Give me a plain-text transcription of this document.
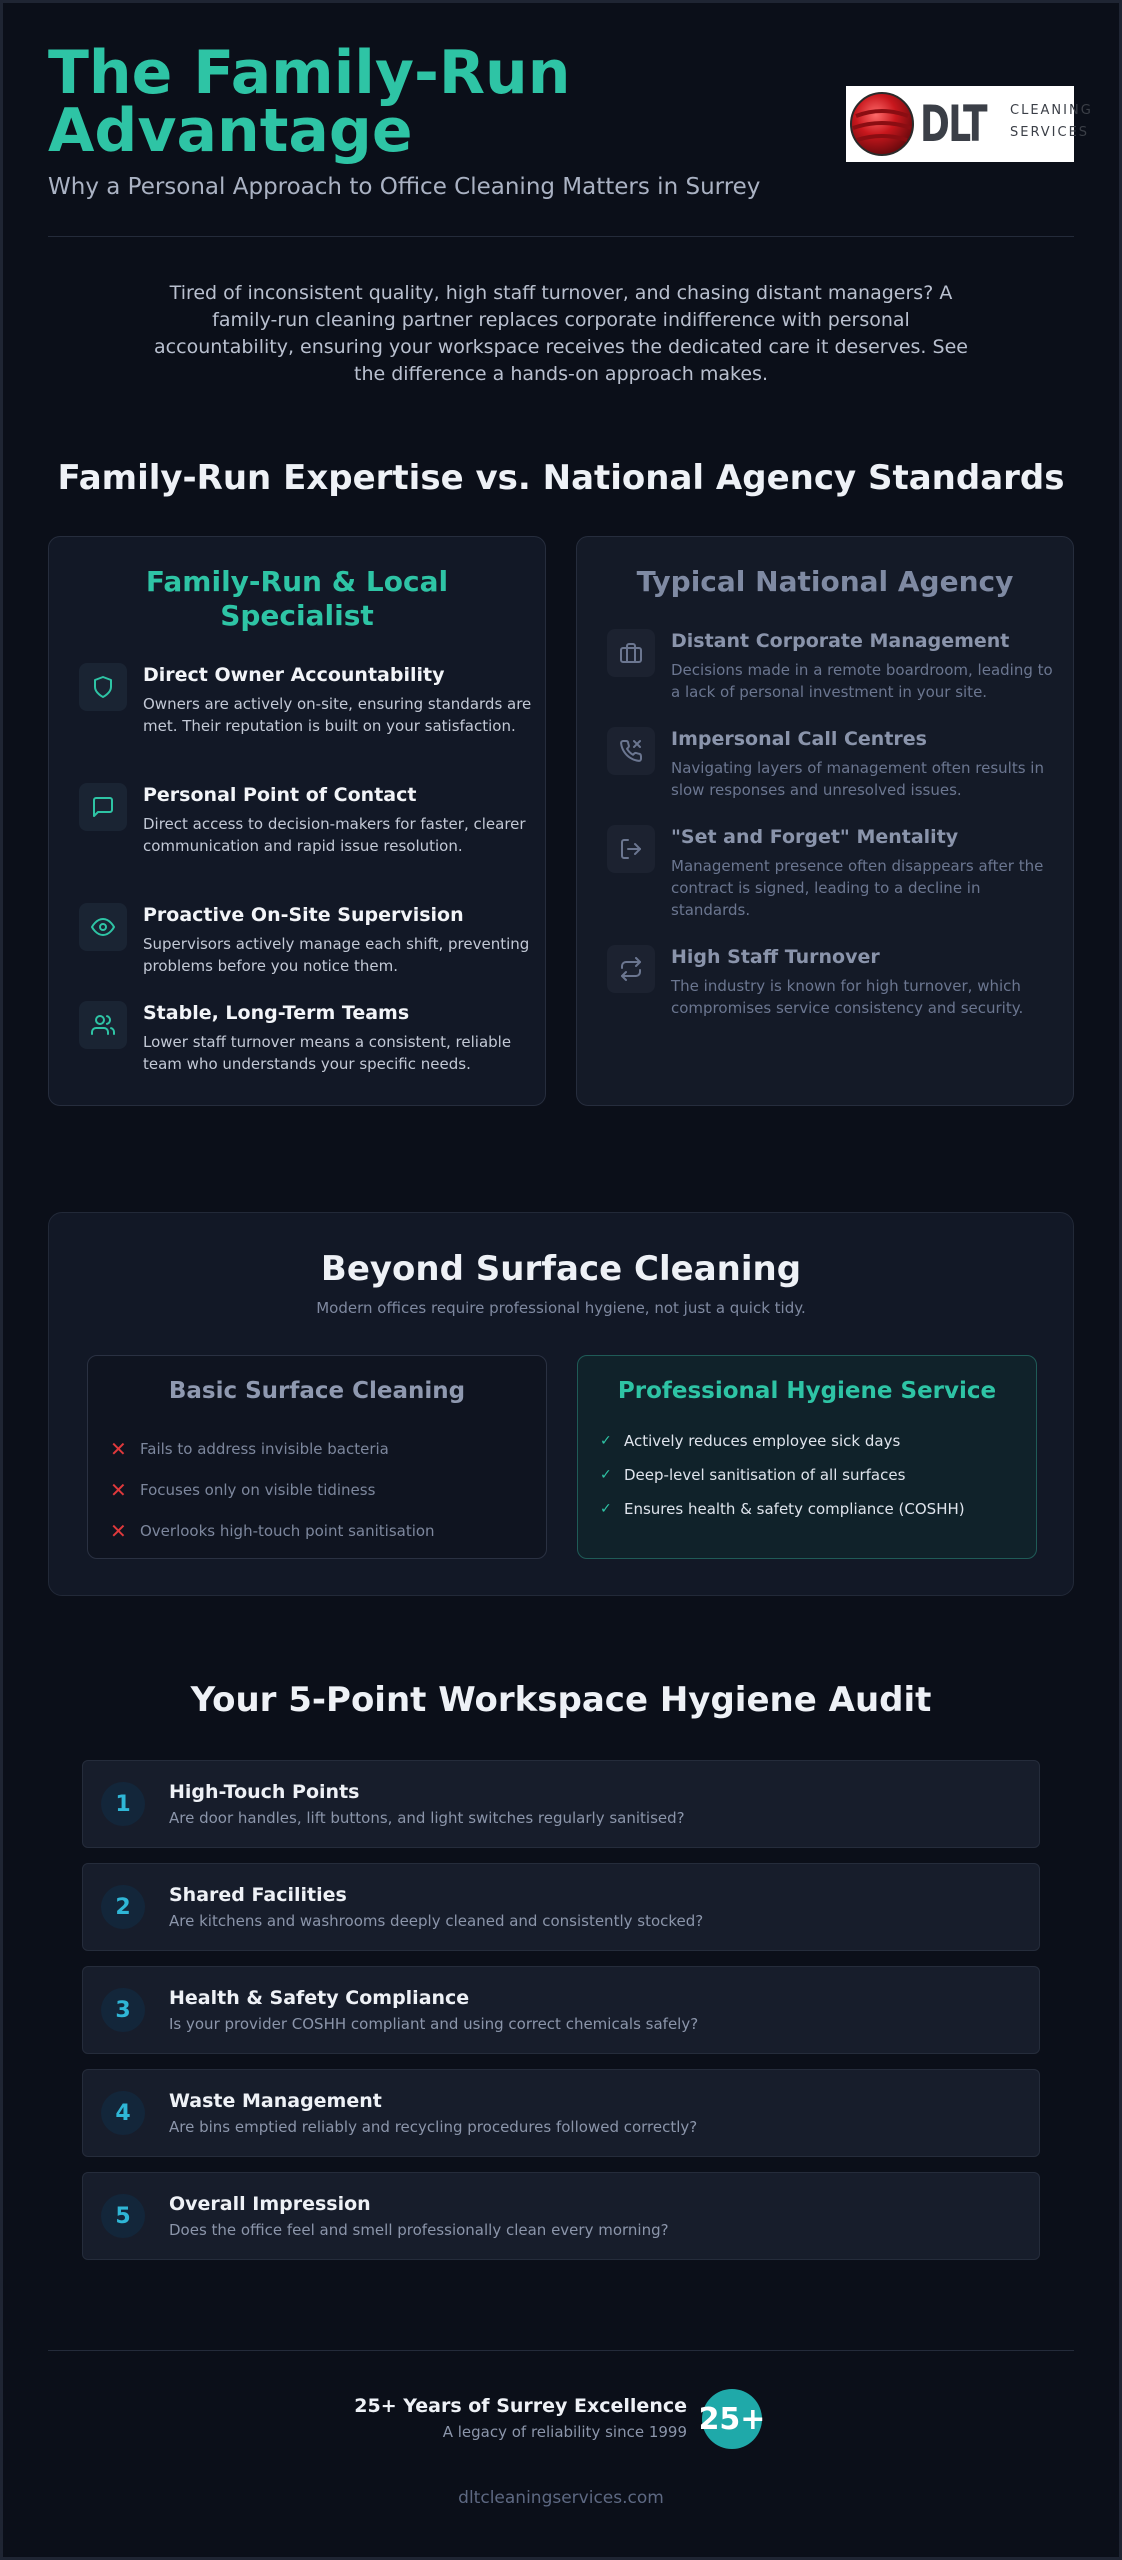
The Family-Run Advantage
Why a Personal Approach to Office Cleaning Matters in Surrey
DLT CLEANING
SERVICES
Tired of inconsistent quality, high staff turnover, and chasing distant managers? A family-run cleaning partner replaces corporate indifference with personal accountability, ensuring your workspace receives the dedicated care it deserves. See the difference a hands-on approach makes.
Family-Run Expertise vs. National Agency Standards
Family-Run & Local Specialist
Direct Owner Accountability
Owners are actively on-site, ensuring standards are met. Their reputation is built on your satisfaction.
Personal Point of Contact
Direct access to decision-makers for faster, clearer communication and rapid issue resolution.
Proactive On-Site Supervision
Supervisors actively manage each shift, preventing problems before you notice them.
Stable, Long-Term Teams
Lower staff turnover means a consistent, reliable team who understands your specific needs.
Typical National Agency
Distant Corporate Management
Decisions made in a remote boardroom, leading to a lack of personal investment in your site.
Impersonal Call Centres
Navigating layers of management often results in slow responses and unresolved issues.
"Set and Forget" Mentality
Management presence often disappears after the contract is signed, leading to a decline in standards.
High Staff Turnover
The industry is known for high turnover, which compromises service consistency and security.
Beyond Surface Cleaning
Modern offices require professional hygiene, not just a quick tidy.
Basic Surface Cleaning
✕ Fails to address invisible bacteria
✕ Focuses only on visible tidiness
✕ Overlooks high-touch point sanitisation
Professional Hygiene Service
✓ Actively reduces employee sick days
✓ Deep-level sanitisation of all surfaces
✓ Ensures health & safety compliance (COSHH)
Your 5-Point Workspace Hygiene Audit
1	High-Touch Points
Are door handles, lift buttons, and light switches regularly sanitised?
2	Shared Facilities
Are kitchens and washrooms deeply cleaned and consistently stocked?
3	Health & Safety Compliance
Is your provider COSHH compliant and using correct chemicals safely?
4	Waste Management
Are bins emptied reliably and recycling procedures followed correctly?
5	Overall Impression
Does the office feel and smell professionally clean every morning?
25+ Years of Surrey Excellence
A legacy of reliability since 1999 25+
dltcleaningservices.com
